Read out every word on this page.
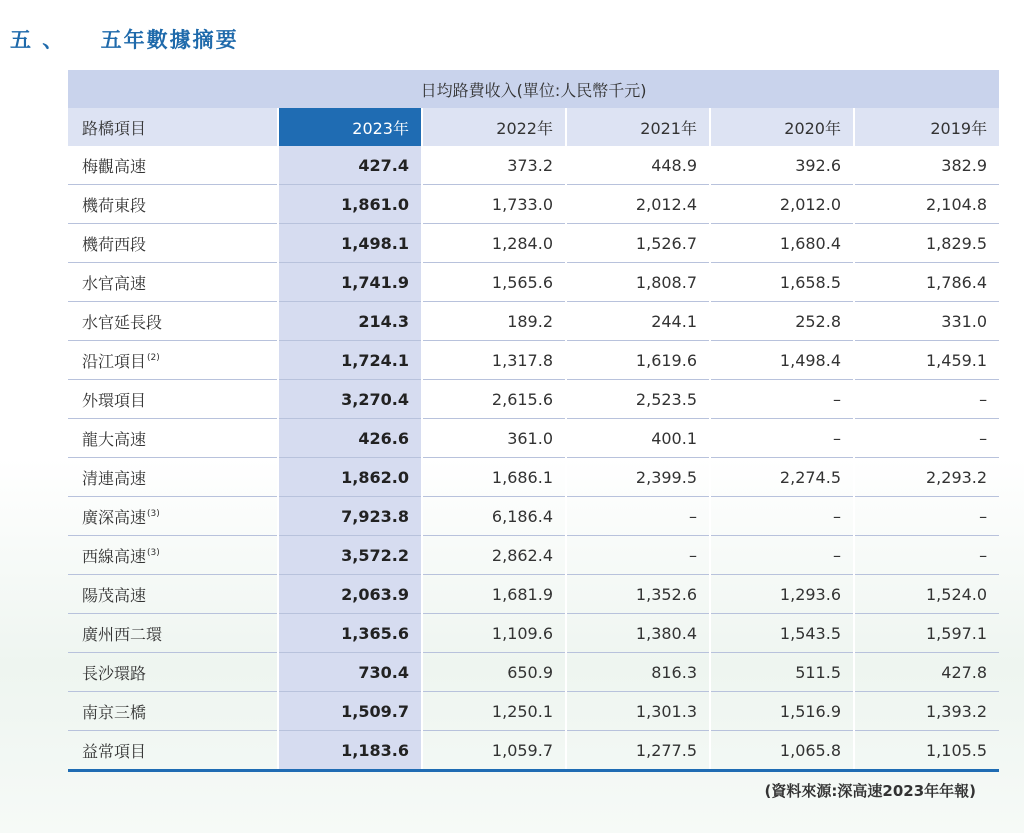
五 、 五年數據摘要
日均路費收入(單位:人民幣千元)					
路橋項目	2023年	2022年	2021年	2020年	2019年
梅觀高速	427.4	373.2	448.9	392.6	382.9
機荷東段	1,861.0	1,733.0	2,012.4	2,012.0	2,104.8
機荷西段	1,498.1	1,284.0	1,526.7	1,680.4	1,829.5
水官高速	1,741.9	1,565.6	1,808.7	1,658.5	1,786.4
水官延長段	214.3	189.2	244.1	252.8	331.0
沿江項目$^{(2)}$	1,724.1	1,317.8	1,619.6	1,498.4	1,459.1
外環項目	3,270.4	2,615.6	2,523.5	–	–
龍大高速	426.6	361.0	400.1	–	–
清連高速	1,862.0	1,686.1	2,399.5	2,274.5	2,293.2
廣深高速$^{(3)}$	7,923.8	6,186.4	–	–	–
西線高速$^{(3)}$	3,572.2	2,862.4	–	–	–
陽茂高速	2,063.9	1,681.9	1,352.6	1,293.6	1,524.0
廣州西二環	1,365.6	1,109.6	1,380.4	1,543.5	1,597.1
長沙環路	730.4	650.9	816.3	511.5	427.8
南京三橋	1,509.7	1,250.1	1,301.3	1,516.9	1,393.2
益常項目	1,183.6	1,059.7	1,277.5	1,065.8	1,105.5
(資料來源:深高速2023年年報)
